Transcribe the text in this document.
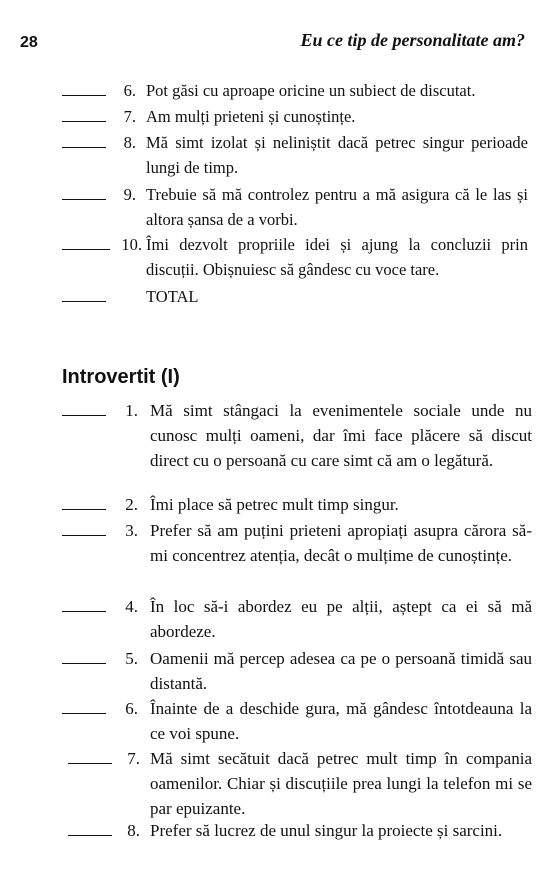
28	Eu ce tip de personalitate am?
6. Pot găsi cu aproape oricine un subiect de discutat.
7. Am mulți prieteni și cunoștințe.
8. Mă simt izolat și neliniștit dacă petrec singur perioade lungi de timp.
9. Trebuie să mă controlez pentru a mă asigura că le las și altora șansa de a vorbi.
10. Îmi dezvolt propriile idei și ajung la concluzii prin discuții. Obișnuiesc să gândesc cu voce tare.
TOTAL
Introvertit (I)
1. Mă simt stângaci la evenimentele sociale unde nu cunosc mulți oameni, dar îmi face plăcere să discut direct cu o persoană cu care simt că am o legătură.
2. Îmi place să petrec mult timp singur.
3. Prefer să am puțini prieteni apropiați asupra cărora să-mi concentrez atenția, decât o mulțime de cunoștințe.
4. În loc să-i abordez eu pe alții, aștept ca ei să mă abordeze.
5. Oamenii mă percep adesea ca pe o persoană timidă sau distantă.
6. Înainte de a deschide gura, mă gândesc întotdeauna la ce voi spune.
7. Mă simt secătuit dacă petrec mult timp în compania oamenilor. Chiar și discuțiile prea lungi la telefon mi se par epuizante.
8. Prefer să lucrez de unul singur la proiecte și sarcini.
